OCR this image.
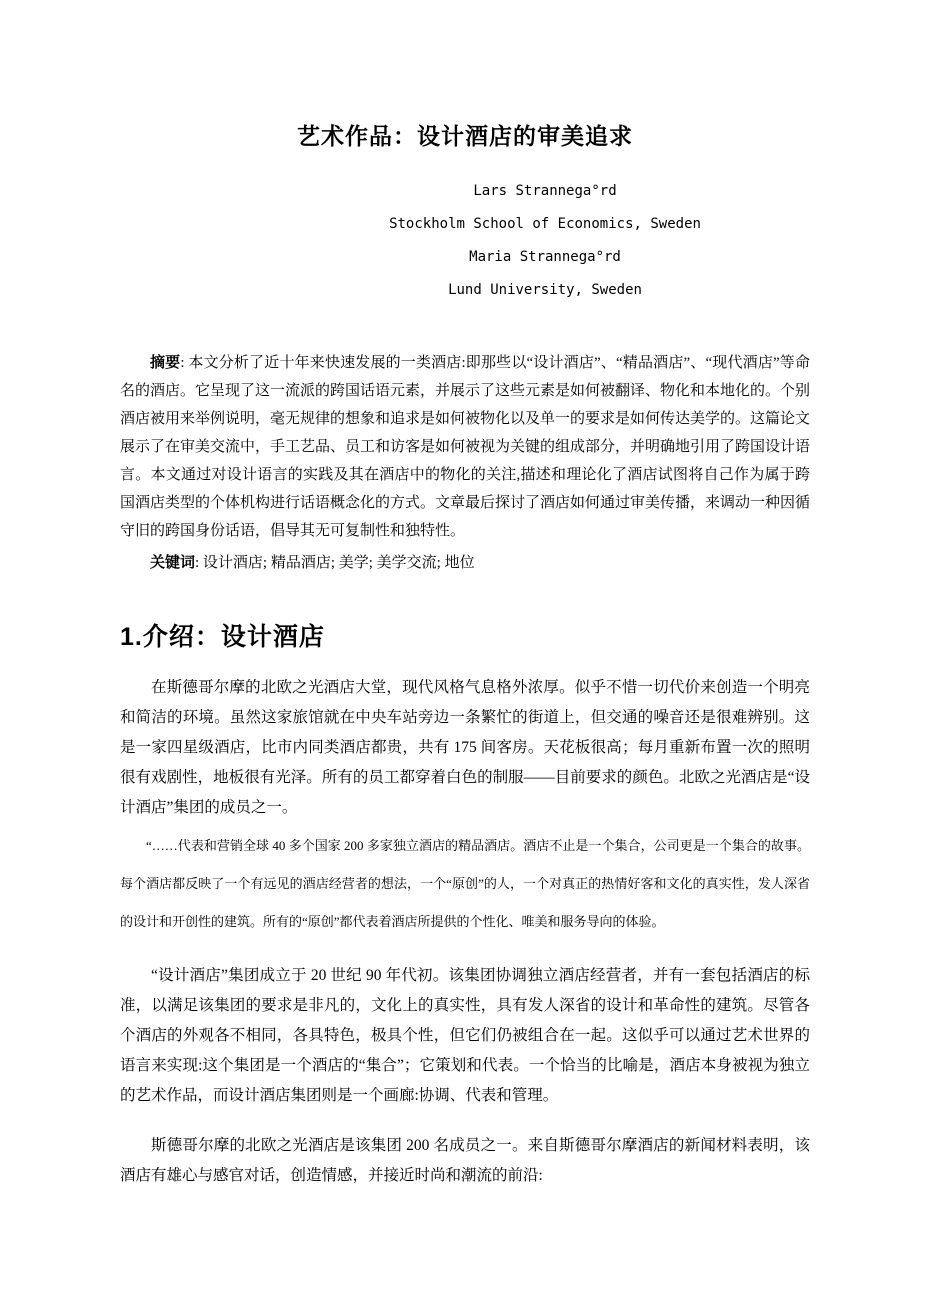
艺术作品：设计酒店的审美追求
Lars Strannega°rd
Stockholm School of Economics, Sweden
Maria Strannega°rd
Lund University, Sweden

摘要: 本文分析了近十年来快速发展的一类酒店:即那些以“设计酒店”、“精品酒店”、“现代酒店”等命名的酒店。它呈现了这一流派的跨国话语元素，并展示了这些元素是如何被翻译、物化和本地化的。个别酒店被用来举例说明，毫无规律的想象和追求是如何被物化以及单一的要求是如何传达美学的。这篇论文展示了在审美交流中，手工艺品、员工和访客是如何被视为关键的组成部分，并明确地引用了跨国设计语言。本文通过对设计语言的实践及其在酒店中的物化的关注,描述和理论化了酒店试图将自己作为属于跨国酒店类型的个体机构进行话语概念化的方式。文章最后探讨了酒店如何通过审美传播，来调动一种因循守旧的跨国身份话语，倡导其无可复制性和独特性。

关键词: 设计酒店; 精品酒店; 美学; 美学交流; 地位

1.介绍：设计酒店

在斯德哥尔摩的北欧之光酒店大堂，现代风格气息格外浓厚。似乎不惜一切代价来创造一个明亮和简洁的环境。虽然这家旅馆就在中央车站旁边一条繁忙的街道上，但交通的噪音还是很难辨别。这是一家四星级酒店，比市内同类酒店都贵，共有 175 间客房。天花板很高；每月重新布置一次的照明很有戏剧性，地板很有光泽。所有的员工都穿着白色的制服——目前要求的颜色。北欧之光酒店是“设计酒店”集团的成员之一。

“……代表和营销全球 40 多个国家 200 多家独立酒店的精品酒店。酒店不止是一个集合，公司更是一个集合的故事。每个酒店都反映了一个有远见的酒店经营者的想法，一个“原创”的人，一个对真正的热情好客和文化的真实性，发人深省的设计和开创性的建筑。所有的“原创”都代表着酒店所提供的个性化、唯美和服务导向的体验。

“设计酒店”集团成立于 20 世纪 90 年代初。该集团协调独立酒店经营者，并有一套包括酒店的标准，以满足该集团的要求是非凡的，文化上的真实性，具有发人深省的设计和革命性的建筑。尽管各个酒店的外观各不相同，各具特色，极具个性，但它们仍被组合在一起。这似乎可以通过艺术世界的语言来实现:这个集团是一个酒店的“集合”；它策划和代表。一个恰当的比喻是，酒店本身被视为独立的艺术作品，而设计酒店集团则是一个画廊:协调、代表和管理。

斯德哥尔摩的北欧之光酒店是该集团 200 名成员之一。来自斯德哥尔摩酒店的新闻材料表明，该酒店有雄心与感官对话，创造情感，并接近时尚和潮流的前沿:
